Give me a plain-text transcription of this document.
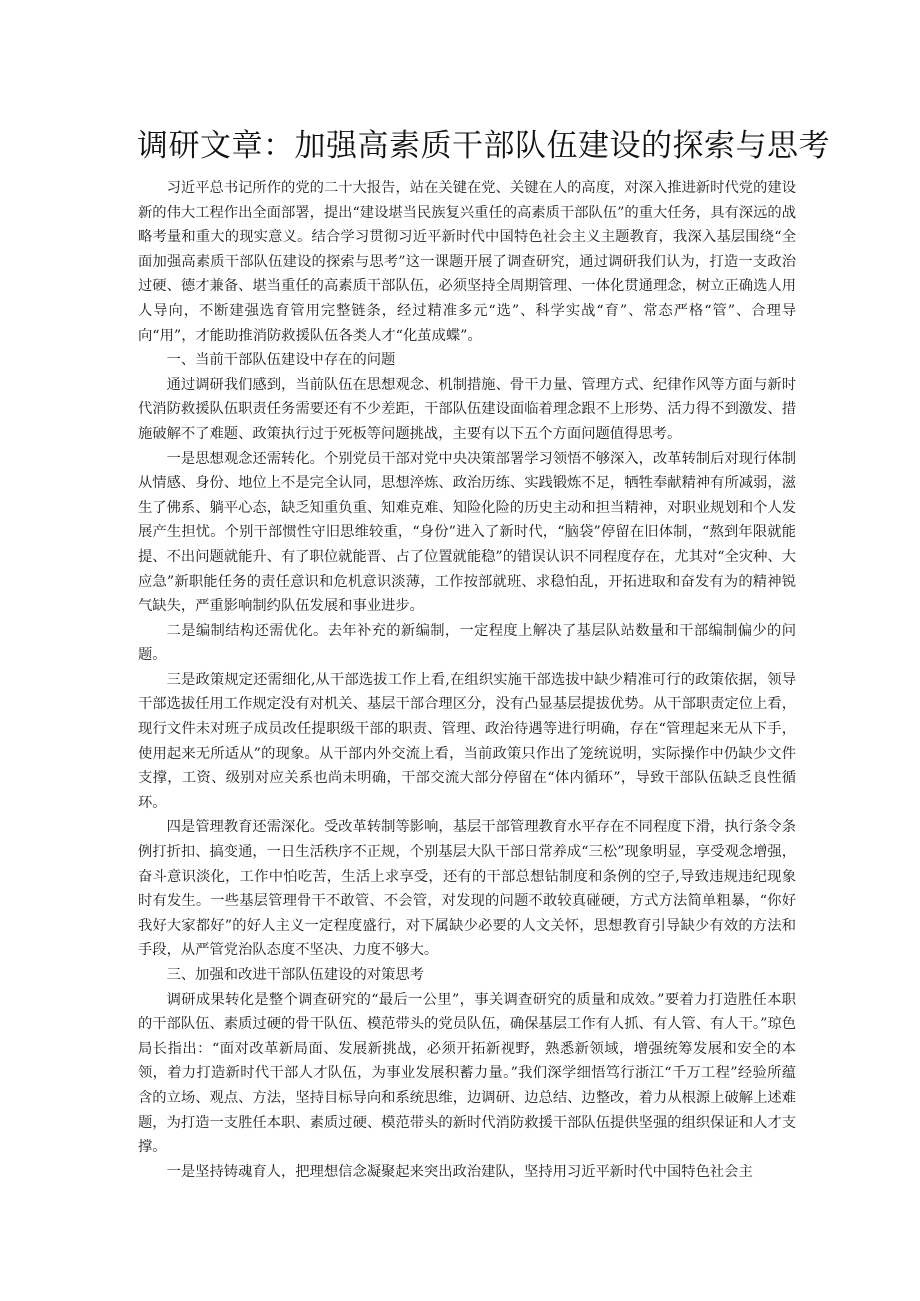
调研文章：加强高素质干部队伍建设的探索与思考

习近平总书记所作的党的二十大报告，站在关键在党、关键在人的高度，对深入推进新时代党的建设新的伟大工程作出全面部署，提出“建设堪当民族复兴重任的高素质干部队伍”的重大任务，具有深远的战略考量和重大的现实意义。结合学习贯彻习近平新时代中国特色社会主义主题教育，我深入基层围绕“全面加强高素质干部队伍建设的探索与思考”这一课题开展了调查研究，通过调研我们认为，打造一支政治过硬、德才兼备、堪当重任的高素质干部队伍，必须坚持全周期管理、一体化贯通理念，树立正确选人用人导向，不断建强选育管用完整链条，经过精准多元“选”、科学实战“育”、常态严格“管”、合理导向“用”，才能助推消防救援队伍各类人才“化茧成蝶”。

一、当前干部队伍建设中存在的问题

通过调研我们感到，当前队伍在思想观念、机制措施、骨干力量、管理方式、纪律作风等方面与新时代消防救援队伍职责任务需要还有不少差距，干部队伍建设面临着理念跟不上形势、活力得不到激发、措施破解不了难题、政策执行过于死板等问题挑战，主要有以下五个方面问题值得思考。

一是思想观念还需转化。个别党员干部对党中央决策部署学习领悟不够深入，改革转制后对现行体制从情感、身份、地位上不是完全认同，思想淬炼、政治历练、实践锻炼不足，牺牲奉献精神有所减弱，滋生了佛系、躺平心态，缺乏知重负重、知难克难、知险化险的历史主动和担当精神，对职业规划和个人发展产生担忧。个别干部惯性守旧思维较重，“身份”进入了新时代，“脑袋”停留在旧体制，“熬到年限就能提、不出问题就能升、有了职位就能晋、占了位置就能稳”的错误认识不同程度存在，尤其对“全灾种、大应急”新职能任务的责任意识和危机意识淡薄，工作按部就班、求稳怕乱，开拓进取和奋发有为的精神锐气缺失，严重影响制约队伍发展和事业进步。

二是编制结构还需优化。去年补充的新编制，一定程度上解决了基层队站数量和干部编制偏少的问题。

三是政策规定还需细化,从干部选拔工作上看,在组织实施干部选拔中缺少精准可行的政策依据，领导干部选拔任用工作规定没有对机关、基层干部合理区分，没有凸显基层提拔优势。从干部职责定位上看，现行文件未对班子成员改任提职级干部的职责、管理、政治待遇等进行明确，存在“管理起来无从下手，使用起来无所适从”的现象。从干部内外交流上看，当前政策只作出了笼统说明，实际操作中仍缺少文件支撑，工资、级别对应关系也尚未明确，干部交流大部分停留在“体内循环”，导致干部队伍缺乏良性循环。

四是管理教育还需深化。受改革转制等影响，基层干部管理教育水平存在不同程度下滑，执行条令条例打折扣、搞变通，一日生活秩序不正规，个别基层大队干部日常养成“三松”现象明显，享受观念增强，奋斗意识淡化，工作中怕吃苦，生活上求享受，还有的干部总想钻制度和条例的空子,导致违规违纪现象时有发生。一些基层管理骨干不敢管、不会管，对发现的问题不敢较真碰硬，方式方法简单粗暴，“你好我好大家都好”的好人主义一定程度盛行，对下属缺少必要的人文关怀，思想教育引导缺少有效的方法和手段，从严管党治队态度不坚决、力度不够大。

三、加强和改进干部队伍建设的对策思考

调研成果转化是整个调查研究的“最后一公里”，事关调查研究的质量和成效。”要着力打造胜任本职的干部队伍、素质过硬的骨干队伍、模范带头的党员队伍，确保基层工作有人抓、有人管、有人干。”琼色局长指出：“面对改革新局面、发展新挑战，必须开拓新视野，熟悉新领域，增强统筹发展和安全的本领，着力打造新时代干部人才队伍，为事业发展积蓄力量。”我们深学细悟笃行浙江“千万工程”经验所蕴含的立场、观点、方法，坚持目标导向和系统思维，边调研、边总结、边整改，着力从根源上破解上述难题，为打造一支胜任本职、素质过硬、模范带头的新时代消防救援干部队伍提供坚强的组织保证和人才支撑。

一是坚持铸魂育人，把理想信念凝聚起来突出政治建队，坚持用习近平新时代中国特色社会主
